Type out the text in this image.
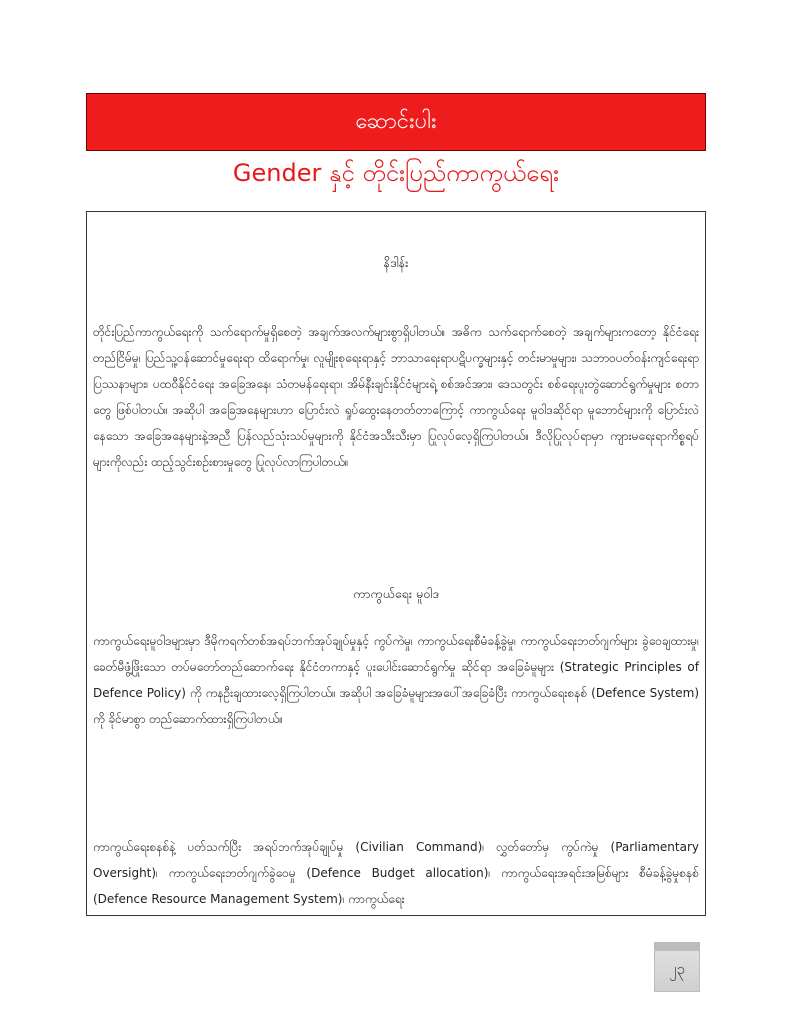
ဆောင်းပါး
Gender နှင့် တိုင်းပြည်ကာကွယ်ရေး
နိဒါန်း
တိုင်းပြည်ကာကွယ်ရေးကို သက်ရောက်မှုရှိစေတဲ့ အချက်အလက်များစွာရှိပါတယ်။ အဓိက သက်ရောက်စေတဲ့ အချက်များကတော့ နိုင်ငံရေးတည်ငြိမ်မှု၊ ပြည်သူ့ဝန်ဆောင်မှုရေးရာ ထိရောက်မှု၊ လူမျိုးစုရေးရာနှင့် ဘာသာရေးရာပဋိပက္ခများနှင့် တင်းမာမှုများ၊ သဘာဝပတ်ဝန်းကျင်ရေးရာ ပြဿနာများ၊ ပထဝီနိုင်ငံရေး အခြေအနေ၊ သံတမန်ရေးရာ၊ အိမ်နီးချင်းနိုင်ငံများရဲ့ စစ်အင်အား၊ ဒေသတွင်း စစ်ရေးပူးတွဲဆောင်ရွက်မှုများ စတာတွေ ဖြစ်ပါတယ်။ အဆိုပါ အခြေအနေများဟာ ပြောင်းလဲ ရှုပ်ထွေးနေတတ်တာကြောင့် ကာကွယ်ရေး မူဝါဒဆိုင်ရာ မူဘောင်များကို ပြောင်းလဲနေသော အခြေအနေများနဲ့အညီ ပြန်လည်သုံးသပ်မှုများကို နိုင်ငံအသီးသီးမှာ ပြုလုပ်လေ့ရှိကြပါတယ်။ ဒီလိုပြုလုပ်ရာမှာ ကျားမရေးရာကိစ္စရပ်များကိုလည်း ထည့်သွင်းစဉ်းစားမှုတွေ ပြုလုပ်လာကြပါတယ်။
ကာကွယ်ရေး မူဝါဒ
ကာကွယ်ရေးမူဝါဒများမှာ ဒီမိုကရက်တစ်အရပ်ဘက်အုပ်ချုပ်မှုနှင့် ကွပ်ကဲမှု၊ ကာကွယ်ရေးစီမံခန့်ခွဲမှု၊ ကာကွယ်ရေးဘတ်ဂျက်များ ခွဲဝေချထားမှု၊ ခေတ်မီဖွံ့ဖြိုးသော တပ်မတော်တည်ဆောက်ရေး နိုင်ငံတကာနှင့် ပူးပေါင်းဆောင်ရွက်မှု ဆိုင်ရာ အခြေခံမူများ (Strategic Principles of Defence Policy) ကို ကနဦးချထားလေ့ရှိကြပါတယ်။ အဆိုပါ အခြေခံမူများအပေါ်အခြေခံပြီး ကာကွယ်ရေးစနစ် (Defence System) ကို ခိုင်မာစွာ တည်ဆောက်ထားရှိကြပါတယ်။
ကာကွယ်ရေးစနစ်နဲ့ ပတ်သက်ပြီး အရပ်ဘက်အုပ်ချုပ်မှု (Civilian Command)၊ လွှတ်တော်မှ ကွပ်ကဲမှု (Parliamentary Oversight)၊ ကာကွယ်ရေးဘတ်ဂျက်ခွဲဝေမှု (Defence Budget allocation)၊ ကာကွယ်ရေးအရင်းအမြစ်များ စီမံခန့်ခွဲမှုစနစ် (Defence Resource Management System)၊ ကာကွယ်ရေး
၂၃
